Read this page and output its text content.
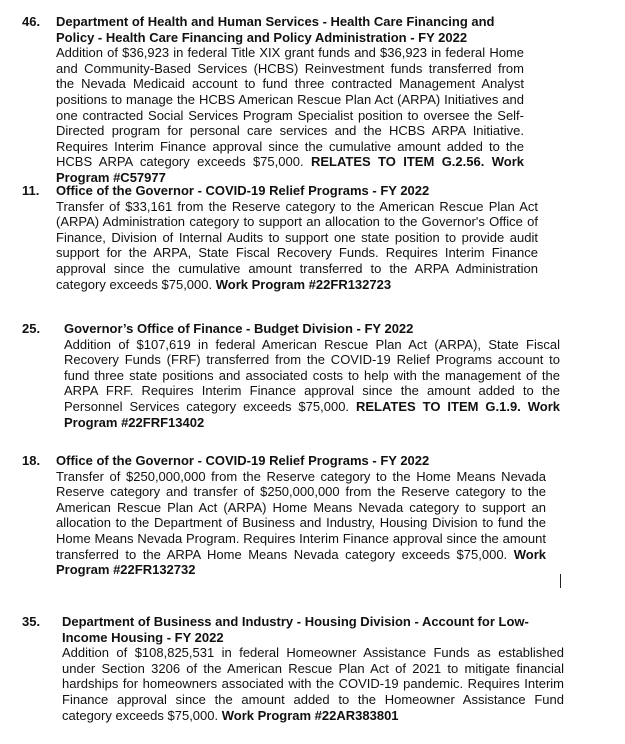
46. Department of Health and Human Services - Health Care Financing and Policy - Health Care Financing and Policy Administration - FY 2022
Addition of $36,923 in federal Title XIX grant funds and $36,923 in federal Home and Community-Based Services (HCBS) Reinvestment funds transferred from the Nevada Medicaid account to fund three contracted Management Analyst positions to manage the HCBS American Rescue Plan Act (ARPA) Initiatives and one contracted Social Services Program Specialist position to oversee the Self-Directed program for personal care services and the HCBS ARPA Initiative. Requires Interim Finance approval since the cumulative amount added to the HCBS ARPA category exceeds $75,000. RELATES TO ITEM G.2.56. Work Program #C57977
11. Office of the Governor - COVID-19 Relief Programs - FY 2022
Transfer of $33,161 from the Reserve category to the American Rescue Plan Act (ARPA) Administration category to support an allocation to the Governor's Office of Finance, Division of Internal Audits to support one state position to provide audit support for the ARPA, State Fiscal Recovery Funds. Requires Interim Finance approval since the cumulative amount transferred to the ARPA Administration category exceeds $75,000. Work Program #22FR132723
25. Governor’s Office of Finance - Budget Division - FY 2022
Addition of $107,619 in federal American Rescue Plan Act (ARPA), State Fiscal Recovery Funds (FRF) transferred from the COVID-19 Relief Programs account to fund three state positions and associated costs to help with the management of the ARPA FRF. Requires Interim Finance approval since the amount added to the Personnel Services category exceeds $75,000. RELATES TO ITEM G.1.9. Work Program #22FRF13402
18. Office of the Governor - COVID-19 Relief Programs - FY 2022
Transfer of $250,000,000 from the Reserve category to the Home Means Nevada Reserve category and transfer of $250,000,000 from the Reserve category to the American Rescue Plan Act (ARPA) Home Means Nevada category to support an allocation to the Department of Business and Industry, Housing Division to fund the Home Means Nevada Program. Requires Interim Finance approval since the amount transferred to the ARPA Home Means Nevada category exceeds $75,000. Work Program #22FR132732
35. Department of Business and Industry - Housing Division - Account for Low-Income Housing - FY 2022
Addition of $108,825,531 in federal Homeowner Assistance Funds as established under Section 3206 of the American Rescue Plan Act of 2021 to mitigate financial hardships for homeowners associated with the COVID-19 pandemic. Requires Interim Finance approval since the amount added to the Homeowner Assistance Fund category exceeds $75,000. Work Program #22AR383801
